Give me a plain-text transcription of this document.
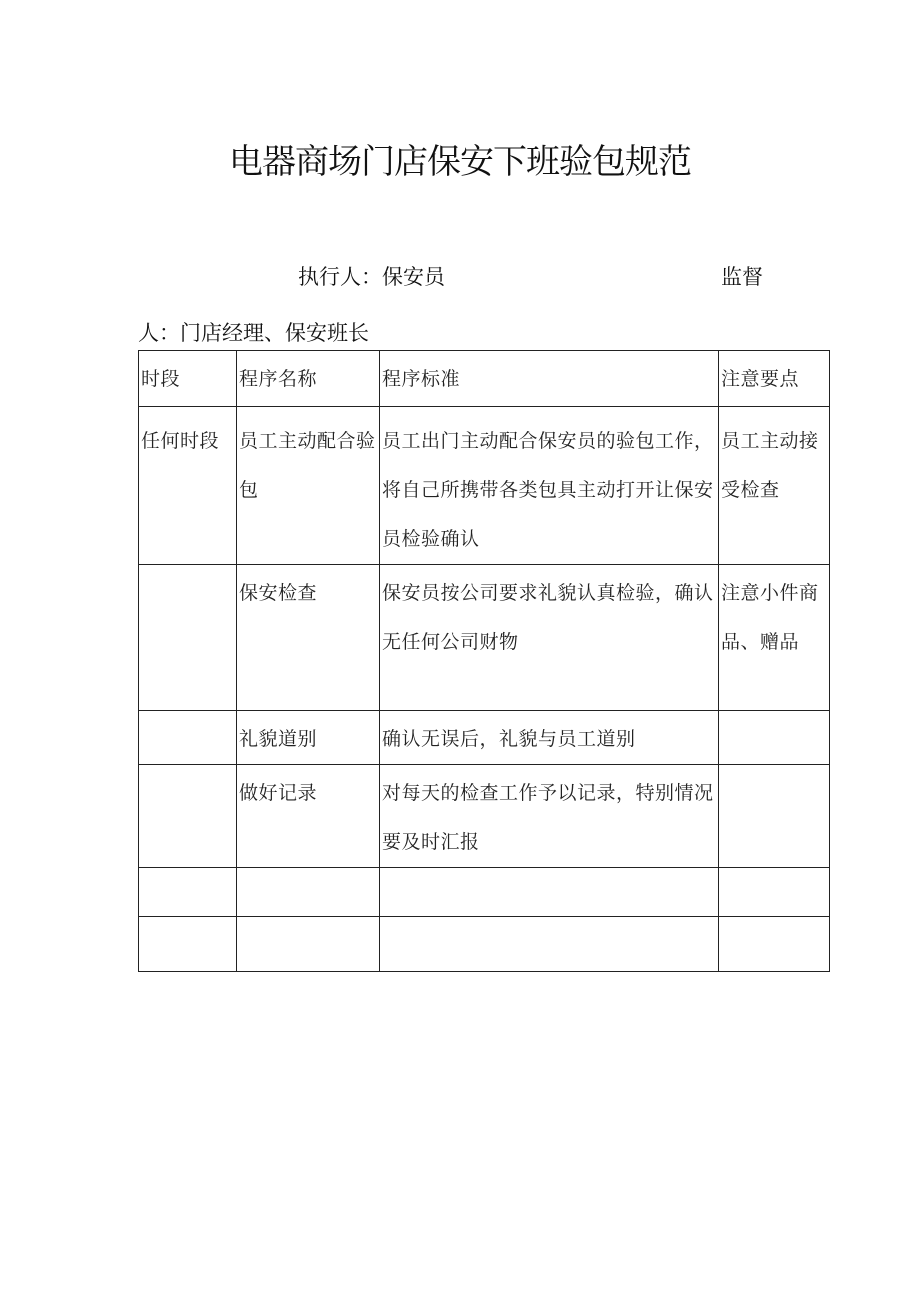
电器商场门店保安下班验包规范
执行人：保安员	监督
人：门店经理、保安班长
时段	程序名称	程序标准	注意要点
任何时段	员工主动配合验包	员工出门主动配合保安员的验包工作，将自己所携带各类包具主动打开让保安员检验确认	员工主动接受检查
	保安检查	保安员按公司要求礼貌认真检验，确认无任何公司财物	注意小件商品、赠品
	礼貌道别	确认无误后，礼貌与员工道别	
	做好记录	对每天的检查工作予以记录，特别情况要及时汇报	
